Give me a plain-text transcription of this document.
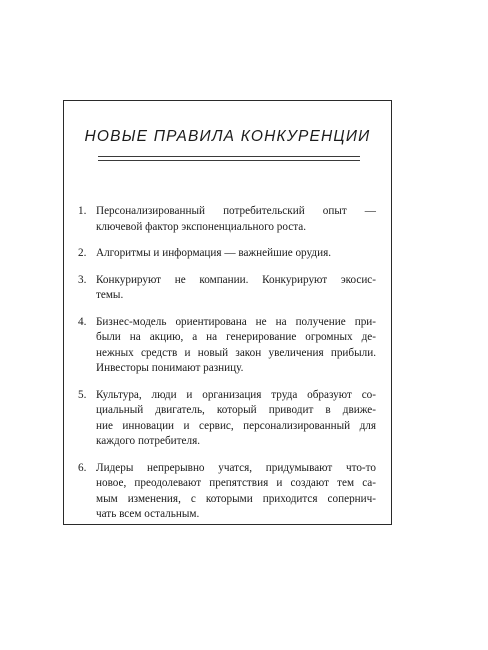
НОВЫЕ ПРАВИЛА КОНКУРЕНЦИИ
1. Персонализированный потребительский опыт —
ключевой фактор экспоненциального роста.
2. Алгоритмы и информация — важнейшие орудия.
3. Конкурируют не компании. Конкурируют экосис-
темы.
4. Бизнес-модель ориентирована не на получение при-
были на акцию, а на генерирование огромных де-
нежных средств и новый закон увеличения прибыли.
Инвесторы понимают разницу.
5. Культура, люди и организация труда образуют со-
циальный двигатель, который приводит в движе-
ние инновации и сервис, персонализированный для
каждого потребителя.
6. Лидеры непрерывно учатся, придумывают что-то
новое, преодолевают препятствия и создают тем са-
мым изменения, с которыми приходится сопернич-
чать всем остальным.
